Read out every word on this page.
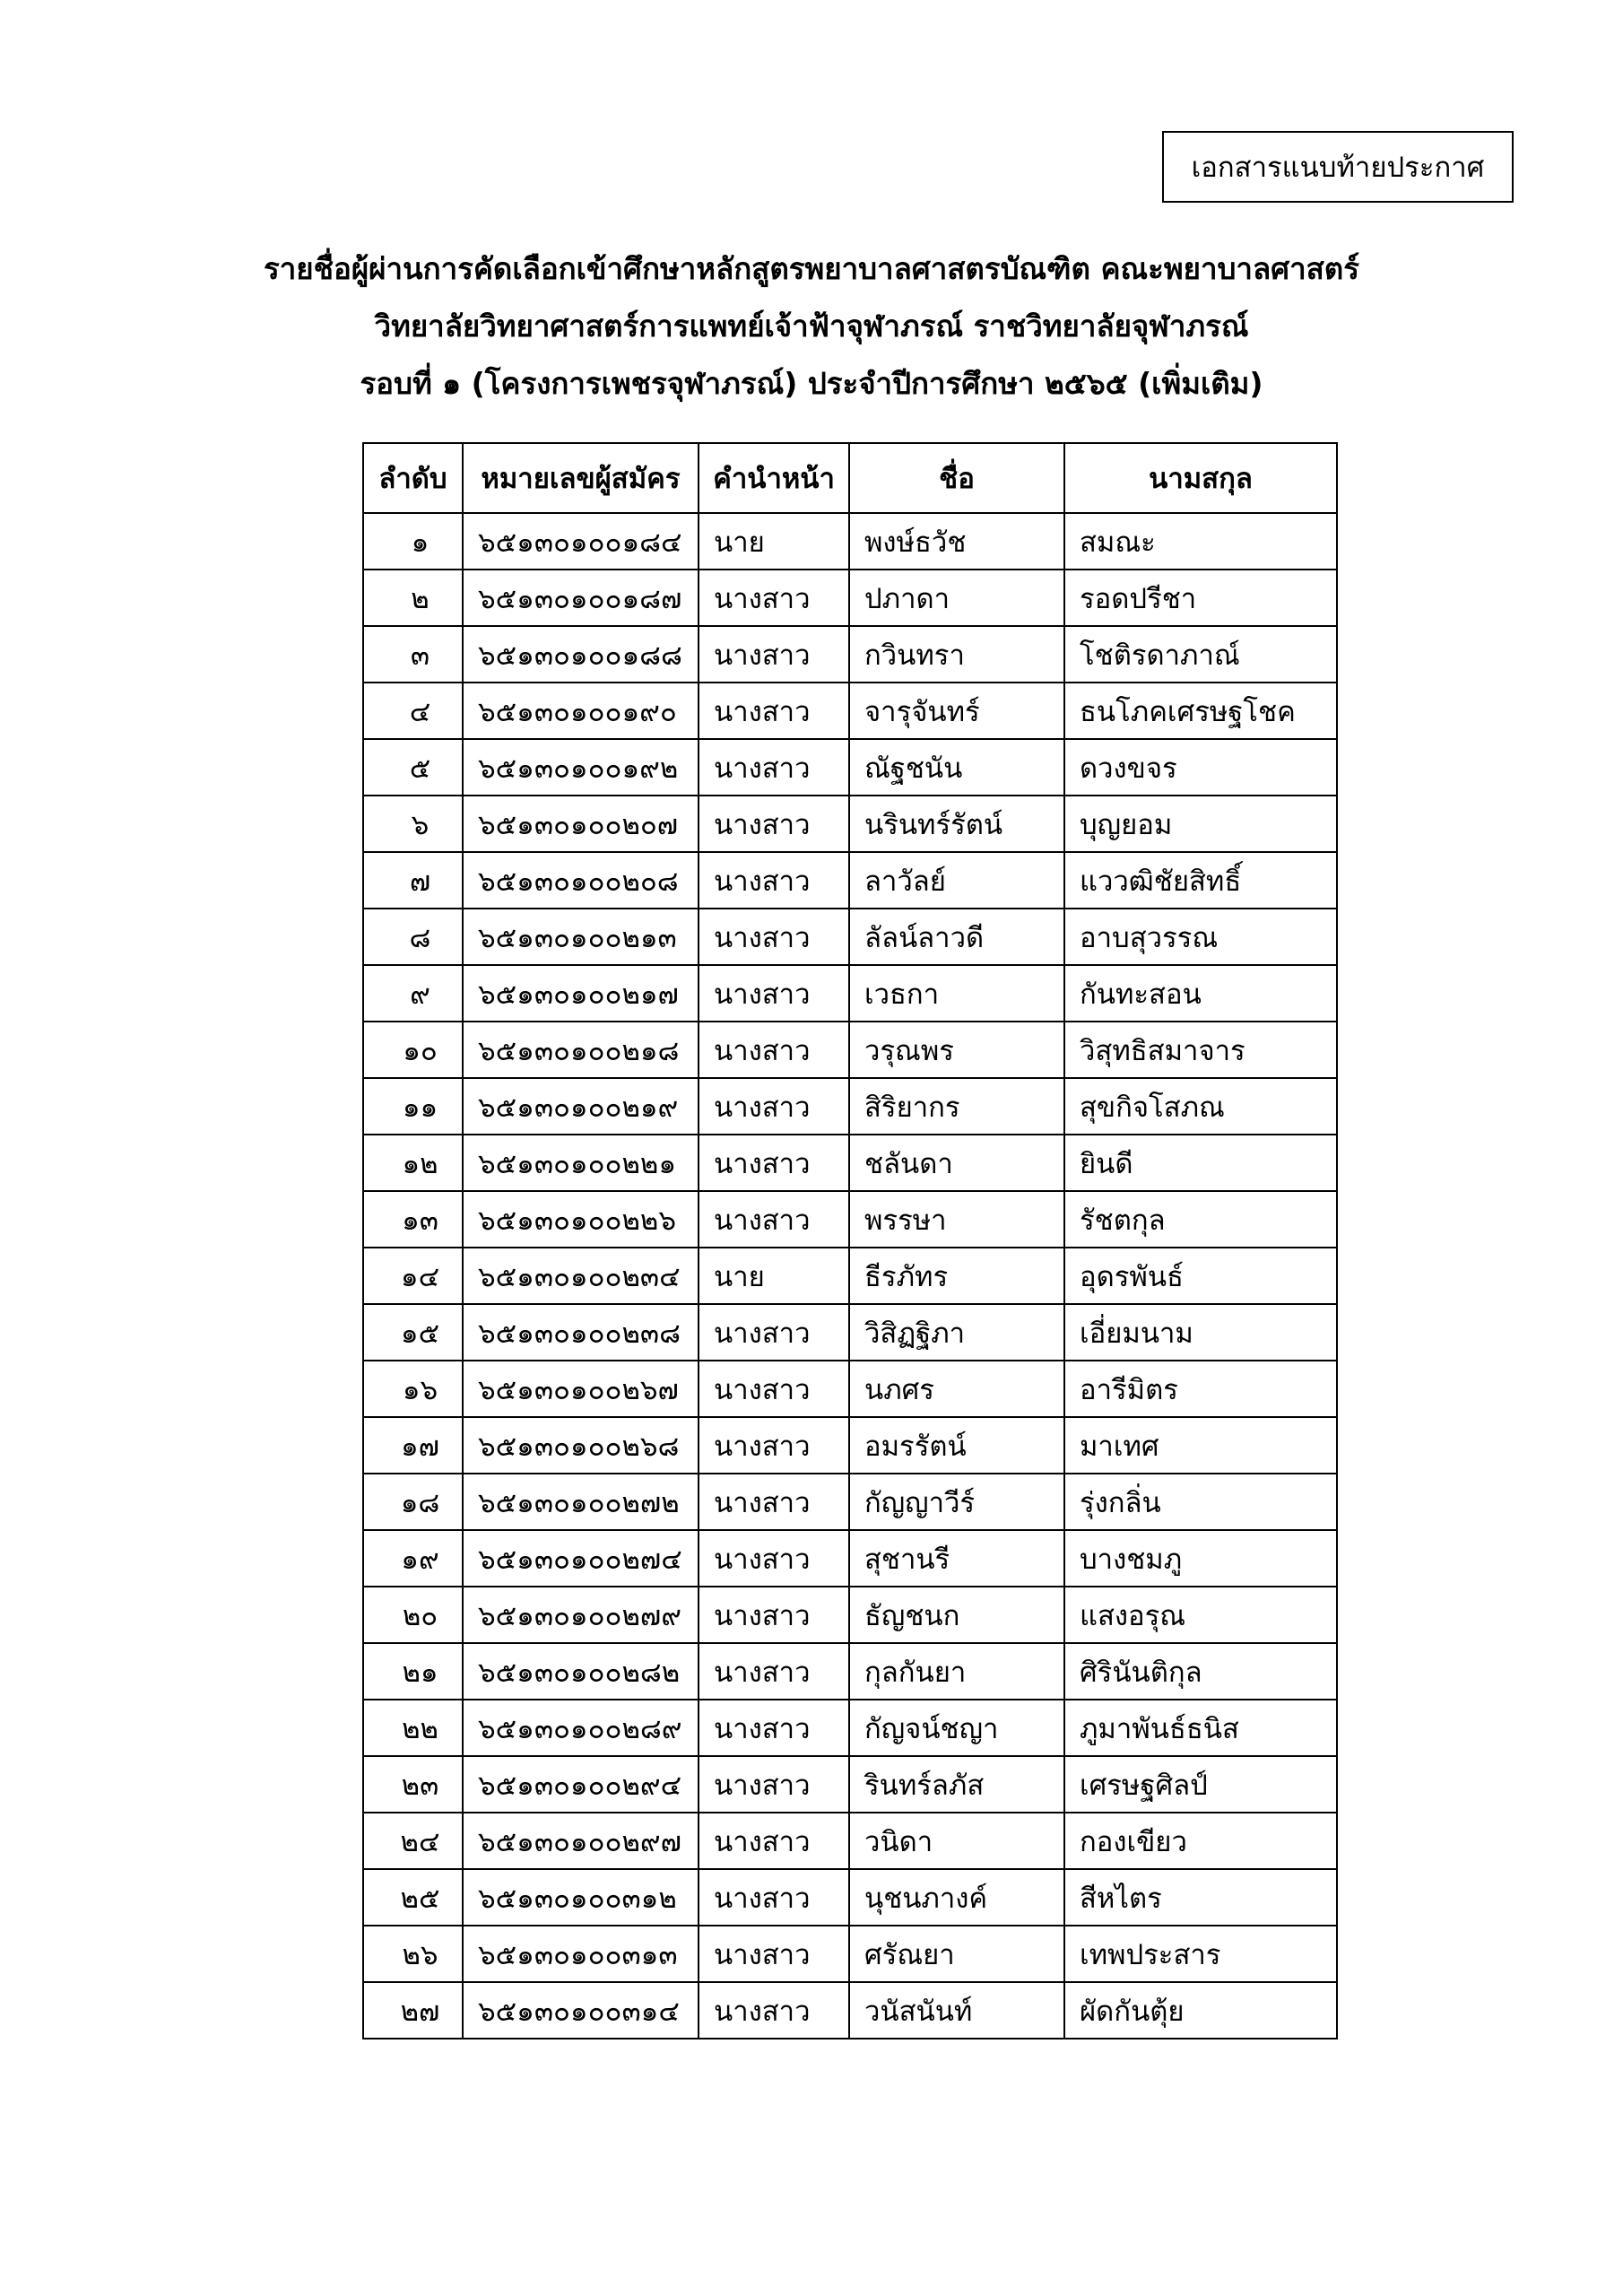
เอกสารแนบท้ายประกาศ
รายชื่อผู้ผ่านการคัดเลือกเข้าศึกษาหลักสูตรพยาบาลศาสตรบัณฑิต คณะพยาบาลศาสตร์
วิทยาลัยวิทยาศาสตร์การแพทย์เจ้าฟ้าจุฬาภรณ์ ราชวิทยาลัยจุฬาภรณ์
รอบที่ ๑ (โครงการเพชรจุฬาภรณ์) ประจำปีการศึกษา ๒๕๖๕ (เพิ่มเติม)
ลำดับ	หมายเลขผู้สมัคร	คำนำหน้า	ชื่อ	นามสกุล
๑	๖๕๑๓๐๑๐๐๑๘๔	นาย	พงษ์ธวัช	สมณะ
๒	๖๕๑๓๐๑๐๐๑๘๗	นางสาว	ปภาดา	รอดปรีชา
๓	๖๕๑๓๐๑๐๐๑๘๘	นางสาว	กวินทรา	โชติรดาภาณ์
๔	๖๕๑๓๐๑๐๐๑๙๐	นางสาว	จารุจันทร์	ธนโภคเศรษฐโชค
๕	๖๕๑๓๐๑๐๐๑๙๒	นางสาว	ณัฐชนัน	ดวงขจร
๖	๖๕๑๓๐๑๐๐๒๐๗	นางสาว	นรินทร์รัตน์	บุญยอม
๗	๖๕๑๓๐๑๐๐๒๐๘	นางสาว	ลาวัลย์	แววฒิชัยสิทธิ์
๘	๖๕๑๓๐๑๐๐๒๑๓	นางสาว	ลัลน์ลาวดี	อาบสุวรรณ
๙	๖๕๑๓๐๑๐๐๒๑๗	นางสาว	เวธกา	กันทะสอน
๑๐	๖๕๑๓๐๑๐๐๒๑๘	นางสาว	วรุณพร	วิสุทธิสมาจาร
๑๑	๖๕๑๓๐๑๐๐๒๑๙	นางสาว	สิริยากร	สุขกิจโสภณ
๑๒	๖๕๑๓๐๑๐๐๒๒๑	นางสาว	ชลันดา	ยินดี
๑๓	๖๕๑๓๐๑๐๐๒๒๖	นางสาว	พรรษา	รัชตกุล
๑๔	๖๕๑๓๐๑๐๐๒๓๔	นาย	ธีรภัทร	อุดรพันธ์
๑๕	๖๕๑๓๐๑๐๐๒๓๘	นางสาว	วิสิฏฐิภา	เอี่ยมนาม
๑๖	๖๕๑๓๐๑๐๐๒๖๗	นางสาว	นภศร	อารีมิตร
๑๗	๖๕๑๓๐๑๐๐๒๖๘	นางสาว	อมรรัตน์	มาเทศ
๑๘	๖๕๑๓๐๑๐๐๒๗๒	นางสาว	กัญญาวีร์	รุ่งกลิ่น
๑๙	๖๕๑๓๐๑๐๐๒๗๔	นางสาว	สุชานรี	บางชมภู
๒๐	๖๕๑๓๐๑๐๐๒๗๙	นางสาว	ธัญชนก	แสงอรุณ
๒๑	๖๕๑๓๐๑๐๐๒๘๒	นางสาว	กุลกันยา	ศิรินันติกุล
๒๒	๖๕๑๓๐๑๐๐๒๘๙	นางสาว	กัญจน์ชญา	ภูมาพันธ์ธนิส
๒๓	๖๕๑๓๐๑๐๐๒๙๔	นางสาว	รินทร์ลภัส	เศรษฐศิลป์
๒๔	๖๕๑๓๐๑๐๐๒๙๗	นางสาว	วนิดา	กองเขียว
๒๕	๖๕๑๓๐๑๐๐๓๑๒	นางสาว	นุชนภางค์	สีหไตร
๒๖	๖๕๑๓๐๑๐๐๓๑๓	นางสาว	ศรัณยา	เทพประสาร
๒๗	๖๕๑๓๐๑๐๐๓๑๔	นางสาว	วนัสนันท์	ผัดกันตุ้ย
